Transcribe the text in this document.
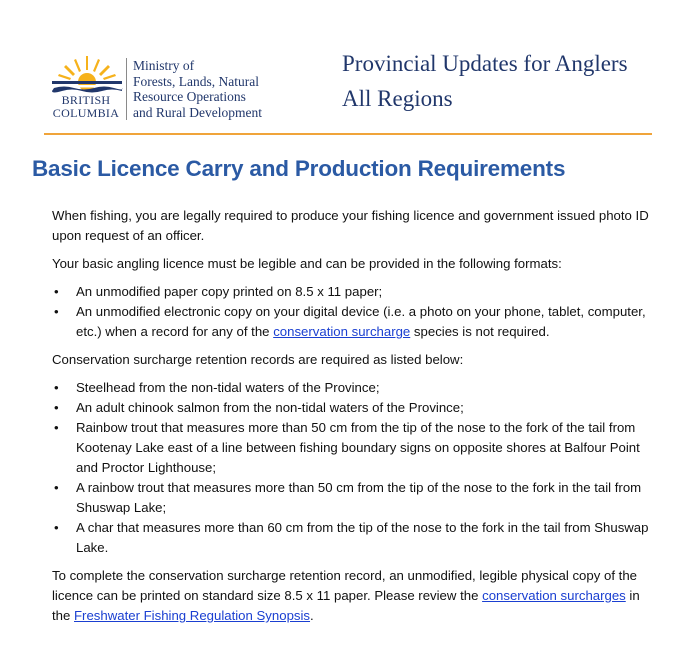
BRITISH
COLUMBIA
Ministry of
Forests, Lands, Natural
Resource Operations
and Rural Development
Provincial Updates for Anglers
All Regions
Basic Licence Carry and Production Requirements

When fishing, you are legally required to produce your fishing licence and government issued photo ID upon request of an officer.

Your basic angling licence must be legible and can be provided in the following formats:

• An unmodified paper copy printed on 8.5 x 11 paper;
• An unmodified electronic copy on your digital device (i.e. a photo on your phone, tablet, computer, etc.) when a record for any of the conservation surcharge species is not required.

Conservation surcharge retention records are required as listed below:

• Steelhead from the non-tidal waters of the Province;
• An adult chinook salmon from the non-tidal waters of the Province;
• Rainbow trout that measures more than 50 cm from the tip of the nose to the fork of the tail from Kootenay Lake east of a line between fishing boundary signs on opposite shores at Balfour Point and Proctor Lighthouse;
• A rainbow trout that measures more than 50 cm from the tip of the nose to the fork in the tail from Shuswap Lake;
• A char that measures more than 60 cm from the tip of the nose to the fork in the tail from Shuswap Lake.

To complete the conservation surcharge retention record, an unmodified, legible physical copy of the licence can be printed on standard size 8.5 x 11 paper. Please review the conservation surcharges in the Freshwater Fishing Regulation Synopsis.
